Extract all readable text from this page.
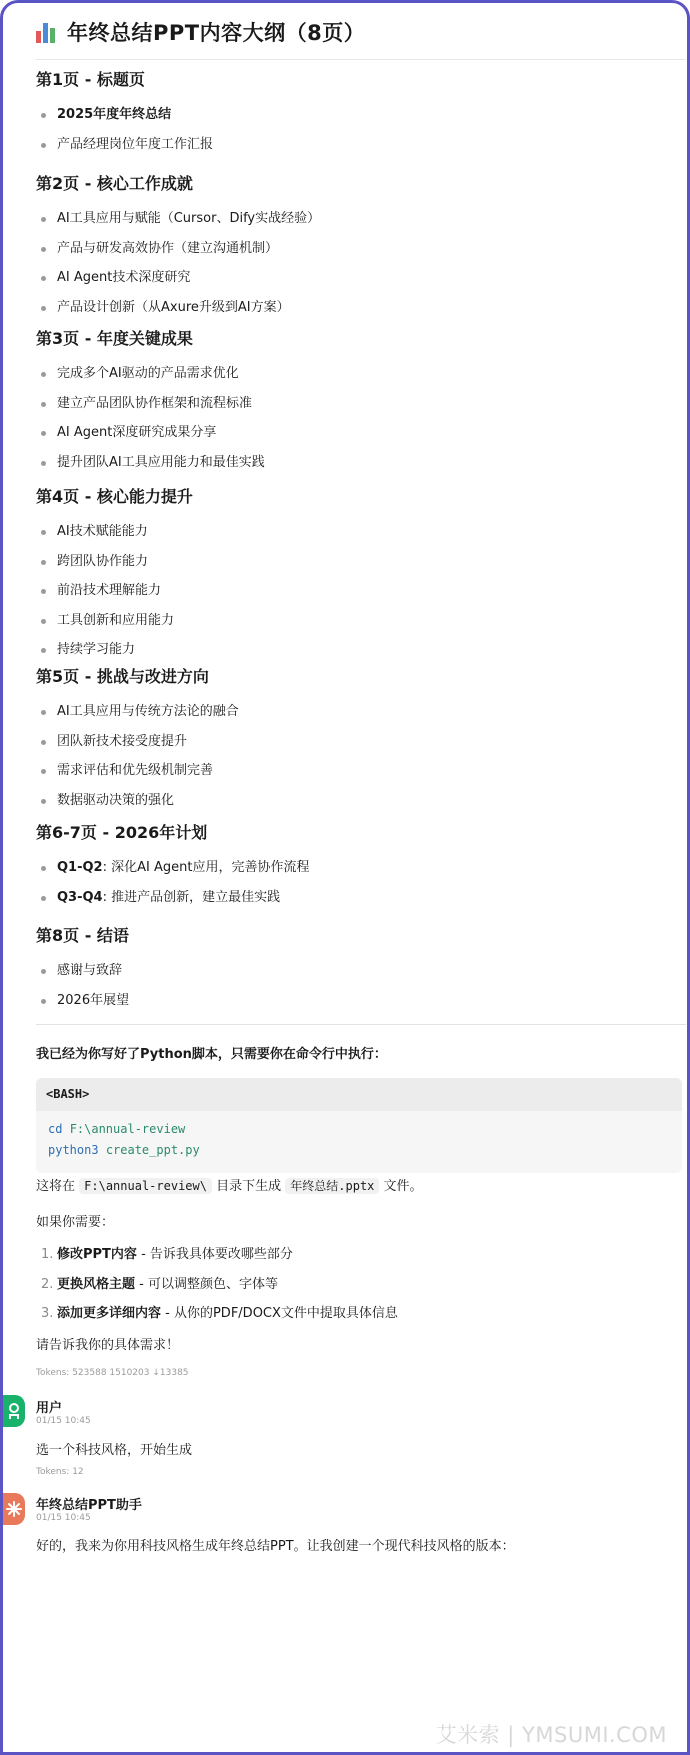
年终总结PPT内容大纲（8页）
第1页 - 标题页
2025年度年终总结
产品经理岗位年度工作汇报
第2页 - 核心工作成就
AI工具应用与赋能（Cursor、Dify实战经验）
产品与研发高效协作（建立沟通机制）
AI Agent技术深度研究
产品设计创新（从Axure升级到AI方案）
第3页 - 年度关键成果
完成多个AI驱动的产品需求优化
建立产品团队协作框架和流程标准
AI Agent深度研究成果分享
提升团队AI工具应用能力和最佳实践
第4页 - 核心能力提升
AI技术赋能能力
跨团队协作能力
前沿技术理解能力
工具创新和应用能力
持续学习能力
第5页 - 挑战与改进方向
AI工具应用与传统方法论的融合
团队新技术接受度提升
需求评估和优先级机制完善
数据驱动决策的强化
第6-7页 - 2026年计划
Q1-Q2: 深化AI Agent应用，完善协作流程
Q3-Q4: 推进产品创新，建立最佳实践
第8页 - 结语
感谢与致辞
2026年展望
我已经为你写好了Python脚本，只需要你在命令行中执行：
<BASH>
cd F:\annual-review
python3 create_ppt.py
这将在 F:\annual-review\ 目录下生成 年终总结.pptx 文件。
如果你需要：
1. 修改PPT内容 - 告诉我具体要改哪些部分
2. 更换风格主题 - 可以调整颜色、字体等
3. 添加更多详细内容 - 从你的PDF/DOCX文件中提取具体信息
请告诉我你的具体需求！
Tokens: 523588 1510203 ↓13385
用户
01/15 10:45
选一个科技风格，开始生成
Tokens: 12
年终总结PPT助手
01/15 10:45
好的，我来为你用科技风格生成年终总结PPT。让我创建一个现代科技风格的版本：
艾米索 | YMSUMI.COM
